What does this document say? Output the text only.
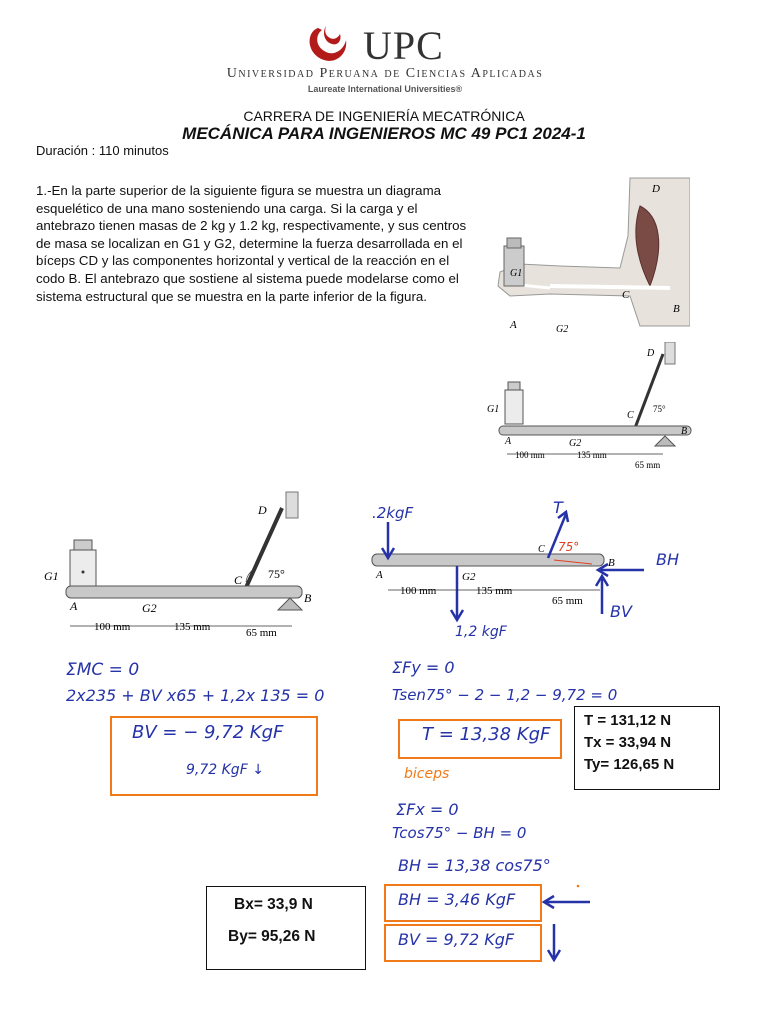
UPC
Universidad Peruana de Ciencias Aplicadas
Laureate International Universities®
CARRERA DE INGENIERÍA MECATRÓNICA
MECÁNICA PARA INGENIEROS MC 49 PC1 2024-1
Duración : 110 minutos
1.-En la parte superior de la siguiente figura se muestra un diagrama esquelético de una mano sosteniendo una carga. Si la carga y el antebrazo tienen masas de 2 kg y 1.2 kg, respectivamente, y sus centros de masa se localizan en G1 y G2, determine la fuerza desarrollada en el bíceps CD y las componentes horizontal y vertical de la reacción en el codo B. El antebrazo que sostiene al sistema puede modelarse como el sistema estructural que se muestra en la parte inferior de la figura.
D
C
B
A
G1
G2
D
C
75°
B
A
G1
G2
100 mm	135 mm
65 mm
D
C 75°
B
A
G1
G2
100 mm	135 mm	65 mm
A	G2
C
B
100 mm	135 mm
65 mm
.2kgF	T
75°
BH
BV
1,2 kgF
ΣMC = 0
2x235 + BV x65 + 1,2x 135 = 0
BV = − 9,72 KgF
9,72 KgF ↓
ΣFy = 0
Tsen75° − 2 − 1,2 − 9,72 = 0
T = 13,38 KgF
biceps
ΣFx = 0
Tcos75° − BH = 0
BH = 13,38 cos75°
BH = 3,46 KgF
BV = 9,72 KgF
T = 131,12 N
Tx = 33,94 N
Ty= 126,65 N
Bx= 33,9 N
By= 95,26 N
